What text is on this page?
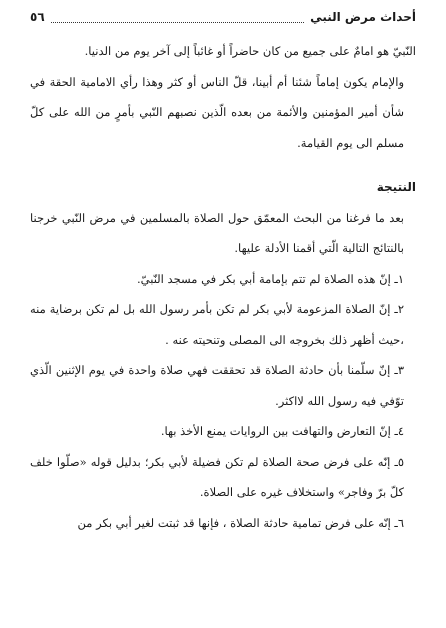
أحداث مرض النبي
٥٦

النّبيّ هو امامٌ على جميع من كان حاضراً أو غائباً إلى آخر يوم من الدنيا.

والإمام يكون إماماً شئنا أم أبينا، قلّ الناس أو كثر وهذا رأي الامامية الحقة في شأن أمير المؤمنين والأئمة من بعده الّذين نصبهم النّبي بأمرٍ من الله على كلّ مسلم الى يوم القيامة.

النتيجة

بعد ما فرغنا من البحث المعمّق حول الصلاة بالمسلمين في مرض النّبي خرجنا بالنتائج التالية الّتي أقمنا الأدلة عليها.

١ـ إنّ هذه الصلاة لم تتم بإمامة أبي بكر في مسجد النّبيّ.

٢ـ إنّ الصلاة المزعومة لأبي بكر لم تكن بأمر رسول الله بل لم تكن برضاية منه ،حيث أظهر ذلك بخروجه الى المصلى وتنحيته عنه .

٣ـ إنّ سلّمنا بأن حادثة الصلاة قد تحققت فهي صلاة واحدة في يوم الإثنين الّذي توّفي فيه رسول الله لااكثر.

٤ـ إنّ التعارض والتهافت بين الروايات يمنع الأخذ بها.

٥ـ إنّه على فرض صحة الصلاة لم تكن فضيلة لأبي بكر؛ بدليل قوله «صلّوا خلف كلّ برّ وفاجر» واستخلاف غيره على الصلاة.

٦ـ إنّه على فرض تمامية حادثة الصلاة ، فإنها قد ثبتت لغير أبي بكر من
